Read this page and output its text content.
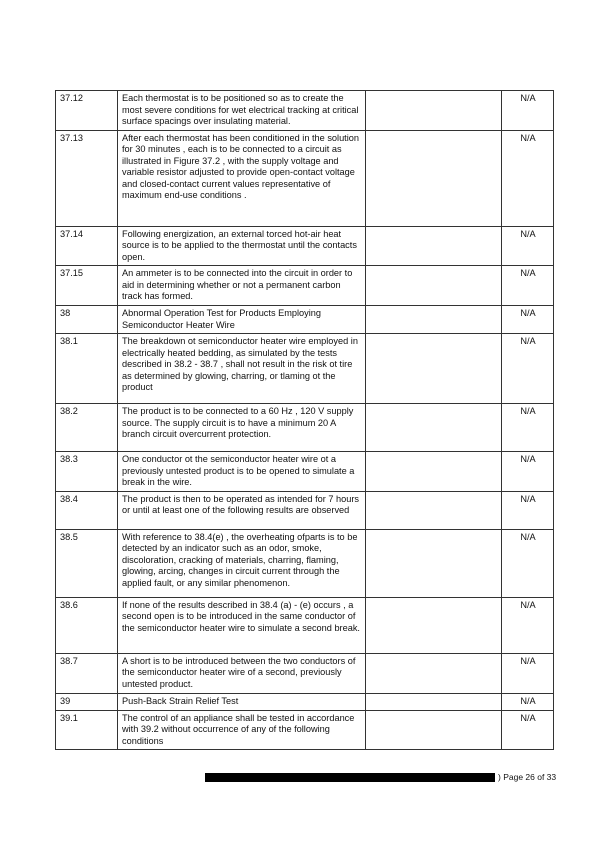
37.12	Each thermostat is to be positioned so as to create the most severe conditions for wet electrical tracking at critical surface spacings over insulating material.		N/A
37.13	After each thermostat has been conditioned in the solution for 30 minutes , each is to be connected to a circuit as illustrated in Figure 37.2 , with the supply voltage and variable resistor adjusted to provide open-contact voltage and closed-contact current values representative of maximum end-use conditions .		N/A
37.14	Following energization, an external torced hot-air heat source is to be applied to the thermostat until the contacts open.		N/A
37.15	An ammeter is to be connected into the circuit in order to aid in determining whether or not a permanent carbon track has formed.		N/A
38	Abnormal Operation Test for Products Employing Semiconductor Heater Wire		N/A
38.1	The breakdown ot semiconductor heater wire employed in electrically heated bedding, as simulated by the tests described in 38.2 - 38.7 , shall not result in the risk ot tire as determined by glowing, charring, or tlaming ot the product		N/A
38.2	The product is to be connected to a 60 Hz , 120 V supply source. The supply circuit is to have a minimum 20 A branch circuit overcurrent protection.		N/A
38.3	One conductor ot the semiconductor heater wire ot a previously untested product is to be opened to simulate a break in the wire.		N/A
38.4	The product is then to be operated as intended for 7 hours or until at least one of the following results are observed		N/A
38.5	With reference to 38.4(e) , the overheating ofparts is to be detected by an indicator such as an odor, smoke, discoloration, cracking of materials, charring, flaming, glowing, arcing, changes in circuit current through the applied fault, or any similar phenomenon.		N/A
38.6	If none of the results described in 38.4 (a) - (e) occurs , a second open is to be introduced in the same conductor of the semiconductor heater wire to simulate a second break.		N/A
38.7	A short is to be introduced between the two conductors of the semiconductor heater wire of a second, previously untested product.		N/A
39	Push-Back Strain Relief Test		N/A
39.1	The control of an appliance shall be tested in accordance with 39.2 without occurrence of any of the following conditions		N/A
) Page 26 of 33
